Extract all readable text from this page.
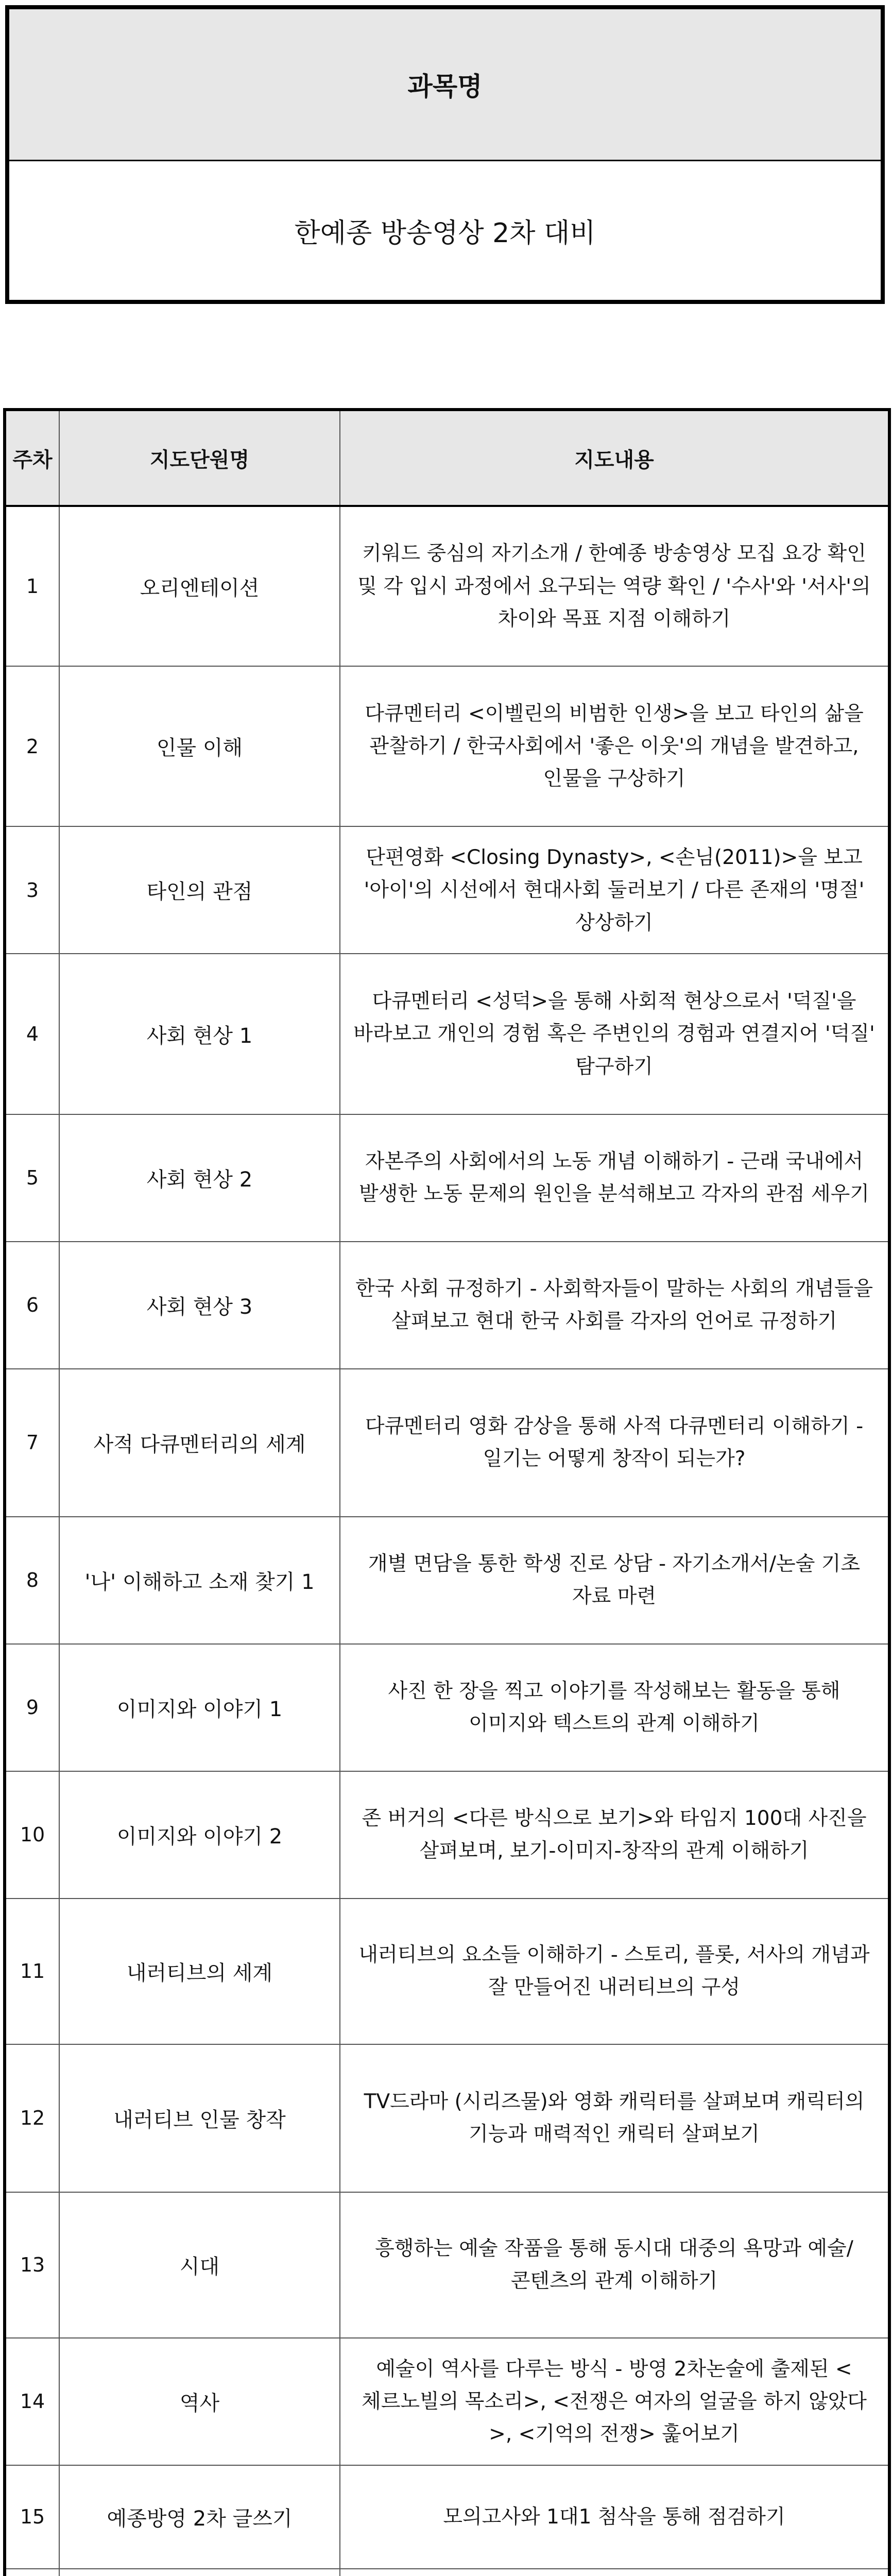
과목명
한예종 방송영상 2차 대비
주차	지도단원명	지도내용
1	오리엔테이션	키워드 중심의 자기소개 / 한예종 방송영상 모집 요강 확인 및 각 입시 과정에서 요구되는 역량 확인 / '수사'와 '서사'의 차이와 목표 지점 이해하기
2	인물 이해	다큐멘터리 <이벨린의 비범한 인생>을 보고 타인의 삶을 관찰하기 / 한국사회에서 '좋은 이웃'의 개념을 발견하고, 인물을 구상하기
3	타인의 관점	단편영화 <Closing Dynasty>, <손님(2011)>을 보고 '아이'의 시선에서 현대사회 둘러보기 / 다른 존재의 '명절' 상상하기
4	사회 현상 1	다큐멘터리 <성덕>을 통해 사회적 현상으로서 '덕질'을 바라보고 개인의 경험 혹은 주변인의 경험과 연결지어 '덕질' 탐구하기
5	사회 현상 2	자본주의 사회에서의 노동 개념 이해하기 - 근래 국내에서 발생한 노동 문제의 원인을 분석해보고 각자의 관점 세우기
6	사회 현상 3	한국 사회 규정하기 - 사회학자들이 말하는 사회의 개념들을 살펴보고 현대 한국 사회를 각자의 언어로 규정하기
7	사적 다큐멘터리의 세계	다큐멘터리 영화 감상을 통해 사적 다큐멘터리 이해하기 - 일기는 어떻게 창작이 되는가?
8	'나' 이해하고 소재 찾기 1	개별 면담을 통한 학생 진로 상담 - 자기소개서/논술 기초 자료 마련
9	이미지와 이야기 1	사진 한 장을 찍고 이야기를 작성해보는 활동을 통해 이미지와 텍스트의 관계 이해하기
10	이미지와 이야기 2	존 버거의 <다른 방식으로 보기>와 타임지 100대 사진을 살펴보며, 보기-이미지-창작의 관계 이해하기
11	내러티브의 세계	내러티브의 요소들 이해하기 - 스토리, 플롯, 서사의 개념과 잘 만들어진 내러티브의 구성
12	내러티브 인물 창작	TV드라마 (시리즈물)와 영화 캐릭터를 살펴보며 캐릭터의 기능과 매력적인 캐릭터 살펴보기
13	시대	흥행하는 예술 작품을 통해 동시대 대중의 욕망과 예술/콘텐츠의 관계 이해하기
14	역사	예술이 역사를 다루는 방식 - 방영 2차논술에 출제된 <체르노빌의 목소리>, <전쟁은 여자의 얼굴을 하지 않았다>, <기억의 전쟁> 훑어보기
15	예종방영 2차 글쓰기	모의고사와 1대1 첨삭을 통해 점검하기
